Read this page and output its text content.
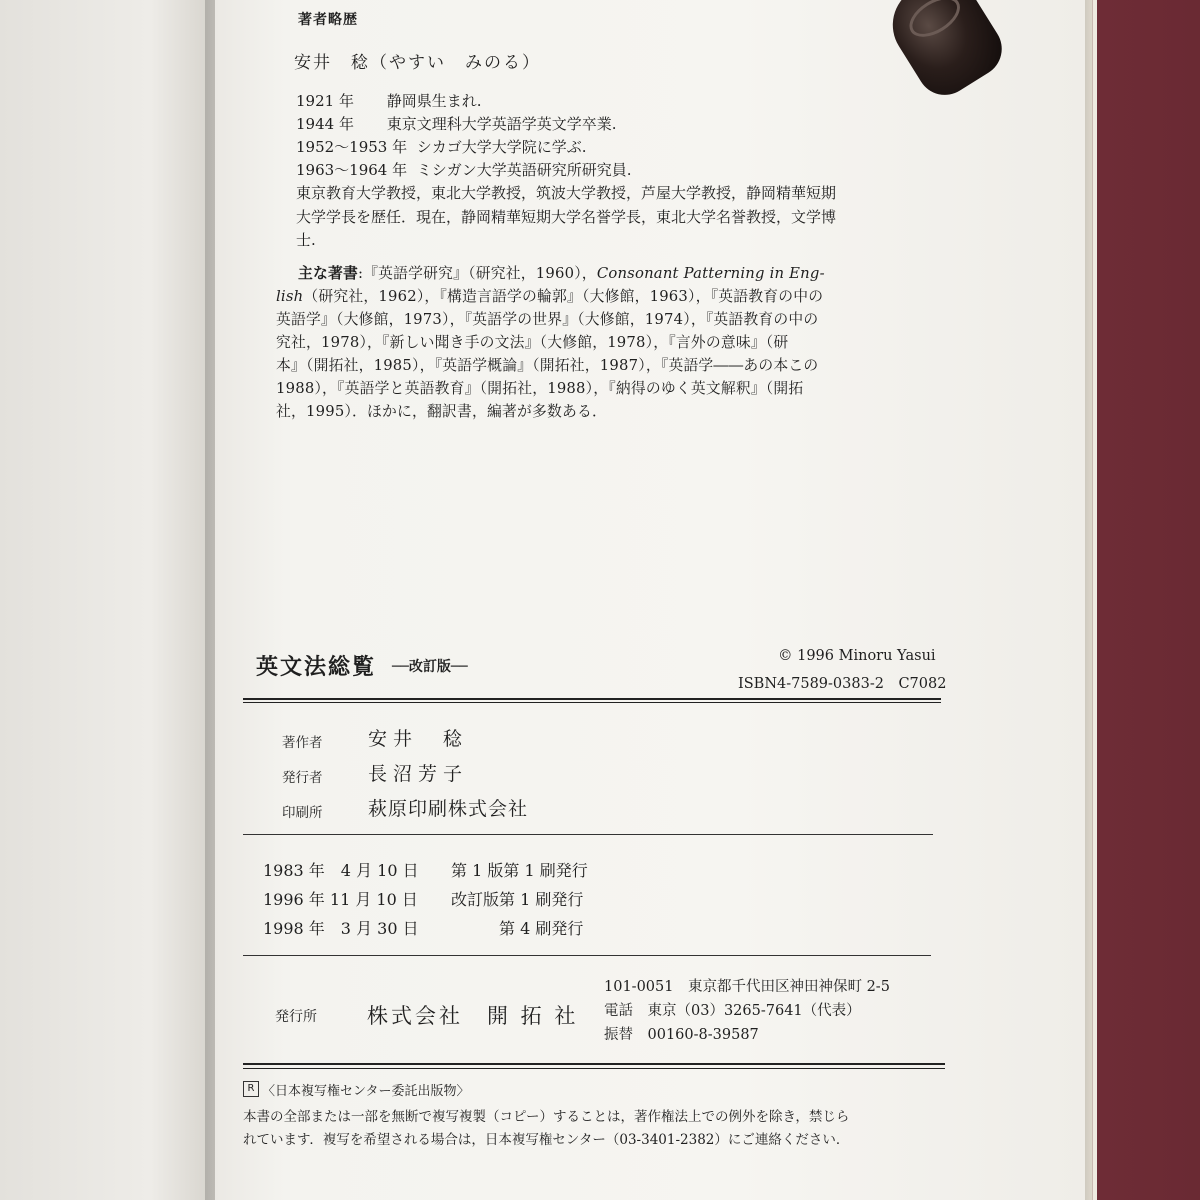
著者略歴
安井　稔（やすい　みのる）
1921 年 静岡県生まれ.
1944 年 東京文理科大学英語学英文学卒業.
1952～1953 年 シカゴ大学大学院に学ぶ.
1963～1964 年 ミシガン大学英語研究所研究員.
東京教育大学教授，東北大学教授，筑波大学教授，芦屋大学教授，静岡精華短期
大学学長を歴任．現在，静岡精華短期大学名誉学長，東北大学名誉教授，文学博
士.
主な著書:『英語学研究』（研究社，1960），Consonant Patterning in Eng-
lish（研究社，1962），『構造言語学の輪郭』（大修館，1963），『英語教育の中の
英語学』（大修館，1973），『英語学の世界』（大修館，1974），『英語教育の中の
究社，1978），『新しい聞き手の文法』（大修館，1978），『言外の意味』（研
本』（開拓社，1985），『英語学概論』（開拓社，1987），『英語学――あの本この
1988），『英語学と英語教育』（開拓社，1988），『納得のゆく英文解釈』（開拓
社，1995）．ほかに，翻訳書，編著が多数ある．
英文法総覧 ──改訂版──
© 1996 Minoru Yasui
ISBN4-7589-0383-2　C7082
著作者 安井　稔
発行者 長沼芳子
印刷所 萩原印刷株式会社
1983 年　4 月 10 日 第 1 版第 1 刷発行
1996 年 11 月 10 日 改訂版第 1 刷発行
1998 年　3 月 30 日　　　第 4 刷発行
発行所 株式会社　開 拓 社
101-0051　東京都千代田区神田神保町 2-5
電話　東京（03）3265-7641（代表）
振替　00160-8-39587
R 〈日本複写権センター委託出版物〉
本書の全部または一部を無断で複写複製（コピー）することは，著作権法上での例外を除き，禁じら
れています．複写を希望される場合は，日本複写権センター（03-3401-2382）にご連絡ください．
